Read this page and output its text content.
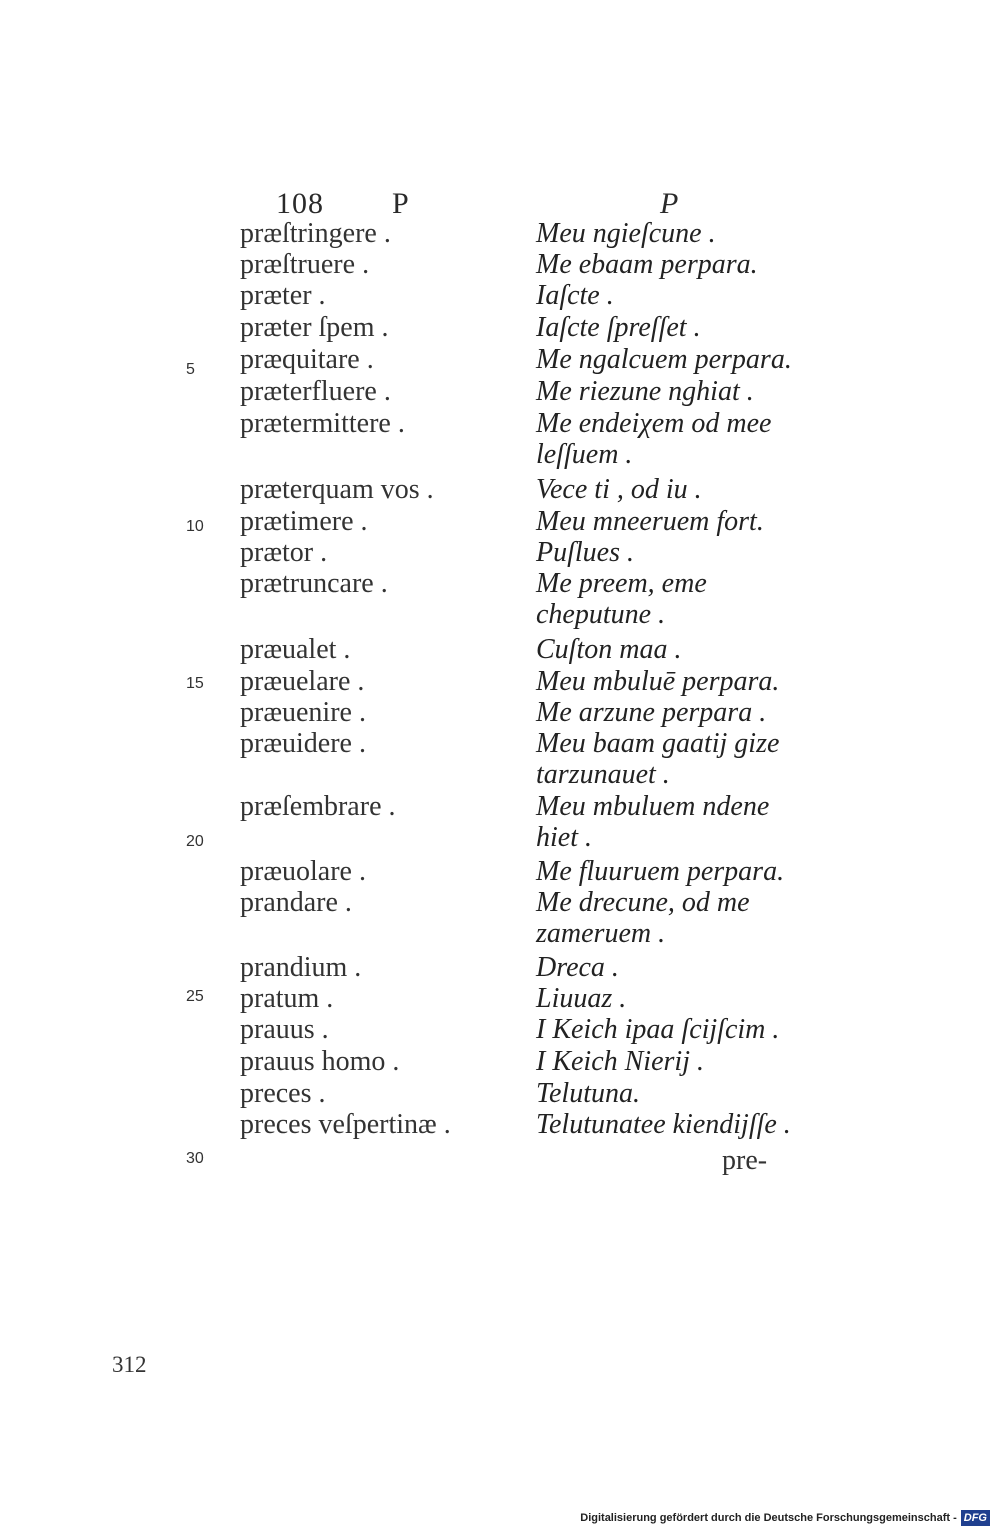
108 P	P
præſtringere .	Meu ngieſcune .
præſtruere .	Me ebaam perpara.
præter .	Iaſcte .
præter ſpem .	Iaſcte ſpreſſet .
præquitare .	Me ngalcuem perpara.
præterfluere .	Me riezune nghiat .
prætermittere .	Me endeiχem od mee leſſuem .
præterquam vos .	Vece ti , od iu .
prætimere .	Meu mneeruem fort.
prætor .	Puſlues .
prætruncare .	Me preem, eme cheputune .
præualet .	Cuſton maa .
præuelare .	Meu mbuluē perpara.
præuenire .	Me arzune perpara .
præuidere .	Meu baam gaatij gize tarzunauet .
præſembrare .	Meu mbuluem ndene hiet .
præuolare .	Me fluuruem perpara.
prandare .	Me drecune, od me zameruem .
prandium .	Dreca .
pratum .	Liuuaz .
prauus .	I Keich ipaa ſcijſcim .
prauus homo .	I Keich Nierij .
preces .	Telutuna.
preces veſpertinæ .	Telutunatee kiendijſſe .
5
10
15
20
25
30	pre-
312
Digitalisierung gefördert durch die Deutsche Forschungsgemeinschaft - DFG
